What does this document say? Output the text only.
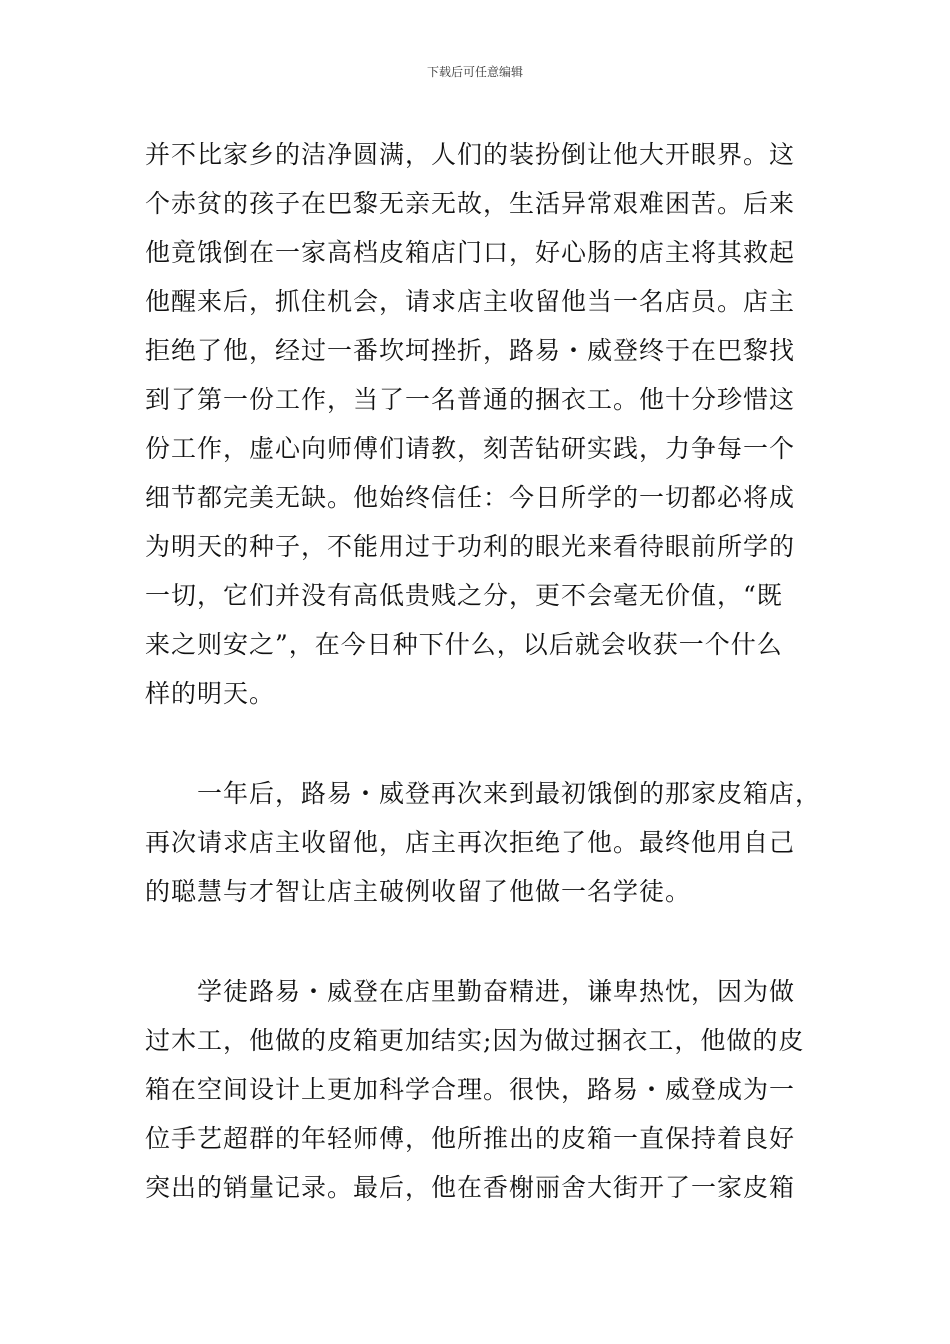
下载后可任意编辑
并不比家乡的洁净圆满，人们的装扮倒让他大开眼界。这
个赤贫的孩子在巴黎无亲无故，生活异常艰难困苦。后来
他竟饿倒在一家高档皮箱店门口，好心肠的店主将其救起
他醒来后，抓住机会，请求店主收留他当一名店员。店主
拒绝了他，经过一番坎坷挫折，路易・威登终于在巴黎找
到了第一份工作，当了一名普通的捆衣工。他十分珍惜这
份工作，虚心向师傅们请教，刻苦钻研实践，力争每一个
细节都完美无缺。他始终信任：今日所学的一切都必将成
为明天的种子，不能用过于功利的眼光来看待眼前所学的
一切，它们并没有高低贵贱之分，更不会毫无价值，“既
来之则安之”，在今日种下什么，以后就会收获一个什么
样的明天。
　　一年后，路易・威登再次来到最初饿倒的那家皮箱店，
再次请求店主收留他，店主再次拒绝了他。最终他用自己
的聪慧与才智让店主破例收留了他做一名学徒。
　　学徒路易・威登在店里勤奋精进，谦卑热忱，因为做
过木工，他做的皮箱更加结实;因为做过捆衣工，他做的皮
箱在空间设计上更加科学合理。很快，路易・威登成为一
位手艺超群的年轻师傅，他所推出的皮箱一直保持着良好
突出的销量记录。最后，他在香榭丽舍大街开了一家皮箱
